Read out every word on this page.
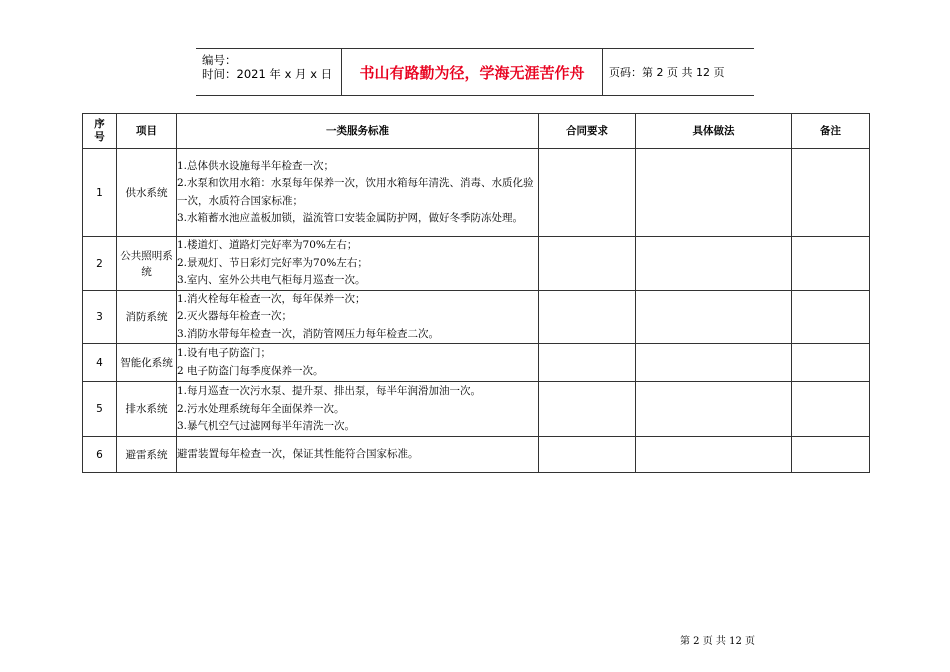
编号：
时间：2021 年 x 月 x 日	书山有路勤为径，学海无涯苦作舟	页码：第 2 页 共 12 页
序号	项目	一类服务标准	合同要求	具体做法	备注
1	供水系统	1.总体供水设施每半年检查一次；
2.水泵和饮用水箱：水泵每年保养一次，饮用水箱每年清洗、消毒、水质化验一次，水质符合国家标准；
3.水箱蓄水池应盖板加锁，溢流管口安装金属防护网，做好冬季防冻处理。			

2	公共照明系统	1.楼道灯、道路灯完好率为70%左右；
2.景观灯、节日彩灯完好率为70%左右；
3.室内、室外公共电气柜每月巡查一次。			

3	消防系统	1.消火栓每年检查一次，每年保养一次；
2.灭火器每年检查一次；
3.消防水带每年检查一次，消防管网压力每年检查二次。			

4	智能化系统	1.设有电子防盗门；
2 电子防盗门每季度保养一次。			

5	排水系统	1.每月巡查一次污水泵、提升泵、排出泵，每半年润滑加油一次。
2.污水处理系统每年全面保养一次。
3.暴气机空气过滤网每半年清洗一次。			

6	避雷系统	避雷装置每年检查一次，保证其性能符合国家标准。			

第 2 页 共 12 页
